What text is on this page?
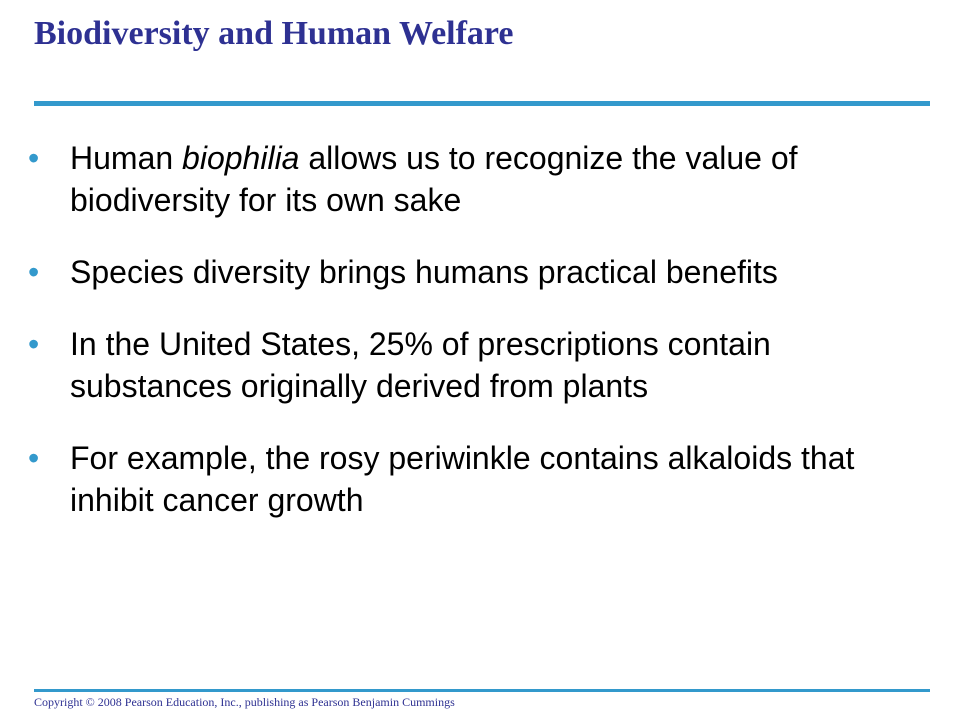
Biodiversity and Human Welfare
• Human biophilia allows us to recognize the value of biodiversity for its own sake
• Species diversity brings humans practical benefits
• In the United States, 25% of prescriptions contain substances originally derived from plants
• For example, the rosy periwinkle contains alkaloids that inhibit cancer growth

Copyright © 2008 Pearson Education, Inc., publishing as Pearson Benjamin Cummings
